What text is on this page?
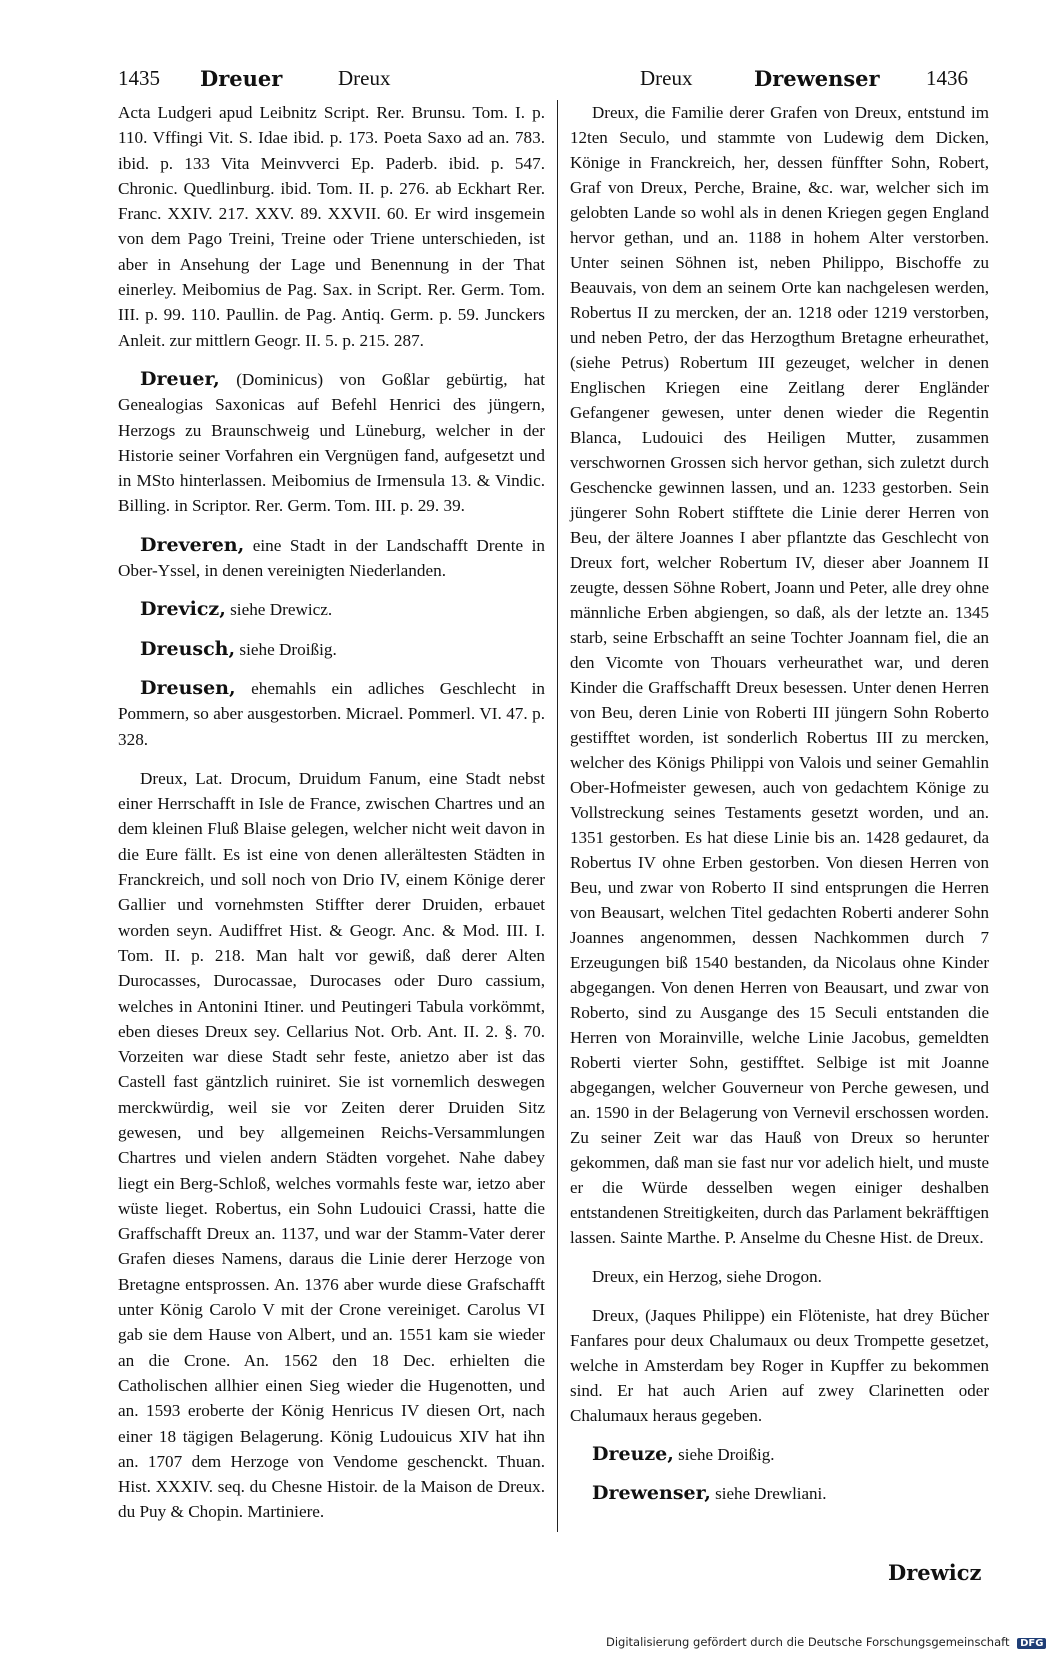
1435 Dreuer	Dreux	Dreux	Drewenser 1436

Acta Ludgeri apud Leibnitz Script. Rer. Brunsu. Tom. I. p. 110. Vffingi Vit. S. Idae ibid. p. 173. Poeta Saxo ad an. 783. ibid. p. 133 Vita Meinvverci Ep. Paderb. ibid. p. 547. Chronic. Quedlinburg. ibid. Tom. II. p. 276. ab Eckhart Rer. Franc. XXIV. 217. XXV. 89. XXVII. 60. Er wird insgemein von dem Pago Treini, Treine oder Triene unterschieden, ist aber in Ansehung der Lage und Benennung in der That einerley. Meibomius de Pag. Sax. in Script. Rer. Germ. Tom. III. p. 99. 110. Paullin. de Pag. Antiq. Germ. p. 59. Junckers Anleit. zur mittlern Geogr. II. 5. p. 215. 287.

Dreuer, (Dominicus) von Goßlar gebürtig, hat Genealogias Saxonicas auf Befehl Henrici des jüngern, Herzogs zu Braunschweig und Lüneburg, welcher in der Historie seiner Vorfahren ein Vergnügen fand, aufgesetzt und in MSto hinterlassen. Meibomius de Irmensula 13. & Vindic. Billing. in Scriptor. Rer. Germ. Tom. III. p. 29. 39.

Dreveren, eine Stadt in der Landschafft Drente in Ober-Yssel, in denen vereinigten Niederlanden.

Drevicz, siehe Drewicz.

Dreusch, siehe Droißig.

Dreusen, ehemahls ein adliches Geschlecht in Pommern, so aber ausgestorben. Micrael. Pommerl. VI. 47. p. 328.

Dreux, Lat. Drocum, Druidum Fanum, eine Stadt nebst einer Herrschafft in Isle de France, zwischen Chartres und an dem kleinen Fluß Blaise gelegen, welcher nicht weit davon in die Eure fällt. Es ist eine von denen allerältesten Städten in Franckreich, und soll noch von Drio IV, einem Könige derer Gallier und vornehmsten Stiffter derer Druiden, erbauet worden seyn. Audiffret Hist. & Geogr. Anc. & Mod. III. I. Tom. II. p. 218. Man halt vor gewiß, daß derer Alten Durocasses, Durocassae, Durocases oder Duro cassium, welches in Antonini Itiner. und Peutingeri Tabula vorkömmt, eben dieses Dreux sey. Cellarius Not. Orb. Ant. II. 2. §. 70. Vorzeiten war diese Stadt sehr feste, anietzo aber ist das Castell fast gäntzlich ruiniret. Sie ist vornemlich deswegen merckwürdig, weil sie vor Zeiten derer Druiden Sitz gewesen, und bey allgemeinen Reichs-Versammlungen Chartres und vielen andern Städten vorgehet. Nahe dabey liegt ein Berg-Schloß, welches vormahls feste war, ietzo aber wüste lieget. Robertus, ein Sohn Ludouici Crassi, hatte die Graffschafft Dreux an. 1137, und war der Stamm-Vater derer Grafen dieses Namens, daraus die Linie derer Herzoge von Bretagne entsprossen. An. 1376 aber wurde diese Grafschafft unter König Carolo V mit der Crone vereiniget. Carolus VI gab sie dem Hause von Albert, und an. 1551 kam sie wieder an die Crone. An. 1562 den 18 Dec. erhielten die Catholischen allhier einen Sieg wieder die Hugenotten, und an. 1593 eroberte der König Henricus IV diesen Ort, nach einer 18 tägigen Belagerung. König Ludouicus XIV hat ihn an. 1707 dem Herzoge von Vendome geschenckt. Thuan. Hist. XXXIV. seq. du Chesne Histoir. de la Maison de Dreux. du Puy & Chopin. Martiniere.

Dreux, die Familie derer Grafen von Dreux, entstund im 12ten Seculo, und stammte von Ludewig dem Dicken, Könige in Franckreich, her, dessen fünffter Sohn, Robert, Graf von Dreux, Perche, Braine, &c. war, welcher sich im gelobten Lande so wohl als in denen Kriegen gegen England hervor gethan, und an. 1188 in hohem Alter verstorben. Unter seinen Söhnen ist, neben Philippo, Bischoffe zu Beauvais, von dem an seinem Orte kan nachgelesen werden, Robertus II zu mercken, der an. 1218 oder 1219 verstorben, und neben Petro, der das Herzogthum Bretagne erheurathet, (siehe Petrus) Robertum III gezeuget, welcher in denen Englischen Kriegen eine Zeitlang derer Engländer Gefangener gewesen, unter denen wieder die Regentin Blanca, Ludouici des Heiligen Mutter, zusammen verschwornen Grossen sich hervor gethan, sich zuletzt durch Geschencke gewinnen lassen, und an. 1233 gestorben. Sein jüngerer Sohn Robert stifftete die Linie derer Herren von Beu, der ältere Joannes I aber pflantzte das Geschlecht von Dreux fort, welcher Robertum IV, dieser aber Joannem II zeugte, dessen Söhne Robert, Joann und Peter, alle drey ohne männliche Erben abgiengen, so daß, als der letzte an. 1345 starb, seine Erbschafft an seine Tochter Joannam fiel, die an den Vicomte von Thouars verheurathet war, und deren Kinder die Graffschafft Dreux besessen. Unter denen Herren von Beu, deren Linie von Roberti III jüngern Sohn Roberto gestifftet worden, ist sonderlich Robertus III zu mercken, welcher des Königs Philippi von Valois und seiner Gemahlin Ober-Hofmeister gewesen, auch von gedachtem Könige zu Vollstreckung seines Testaments gesetzt worden, und an. 1351 gestorben. Es hat diese Linie bis an. 1428 gedauret, da Robertus IV ohne Erben gestorben. Von diesen Herren von Beu, und zwar von Roberto II sind entsprungen die Herren von Beausart, welchen Titel gedachten Roberti anderer Sohn Joannes angenommen, dessen Nachkommen durch 7 Erzeugungen biß 1540 bestanden, da Nicolaus ohne Kinder abgegangen. Von denen Herren von Beausart, und zwar von Roberto, sind zu Ausgange des 15 Seculi entstanden die Herren von Morainville, welche Linie Jacobus, gemeldten Roberti vierter Sohn, gestifftet. Selbige ist mit Joanne abgegangen, welcher Gouverneur von Perche gewesen, und an. 1590 in der Belagerung von Vernevil erschossen worden. Zu seiner Zeit war das Hauß von Dreux so herunter gekommen, daß man sie fast nur vor adelich hielt, und muste er die Würde desselben wegen einiger deshalben entstandenen Streitigkeiten, durch das Parlament bekräfftigen lassen. Sainte Marthe. P. Anselme du Chesne Hist. de Dreux.

Dreux, ein Herzog, siehe Drogon.

Dreux, (Jaques Philippe) ein Flöteniste, hat drey Bücher Fanfares pour deux Chalumaux ou deux Trompette gesetzet, welche in Amsterdam bey Roger in Kupffer zu bekommen sind. Er hat auch Arien auf zwey Clarinetten oder Chalumaux heraus gegeben.

Dreuze, siehe Droißig.

Drewenser, siehe Drewliani.

Drewicz
Digitalisierung gefördert durch die Deutsche Forschungsgemeinschaft DFG
